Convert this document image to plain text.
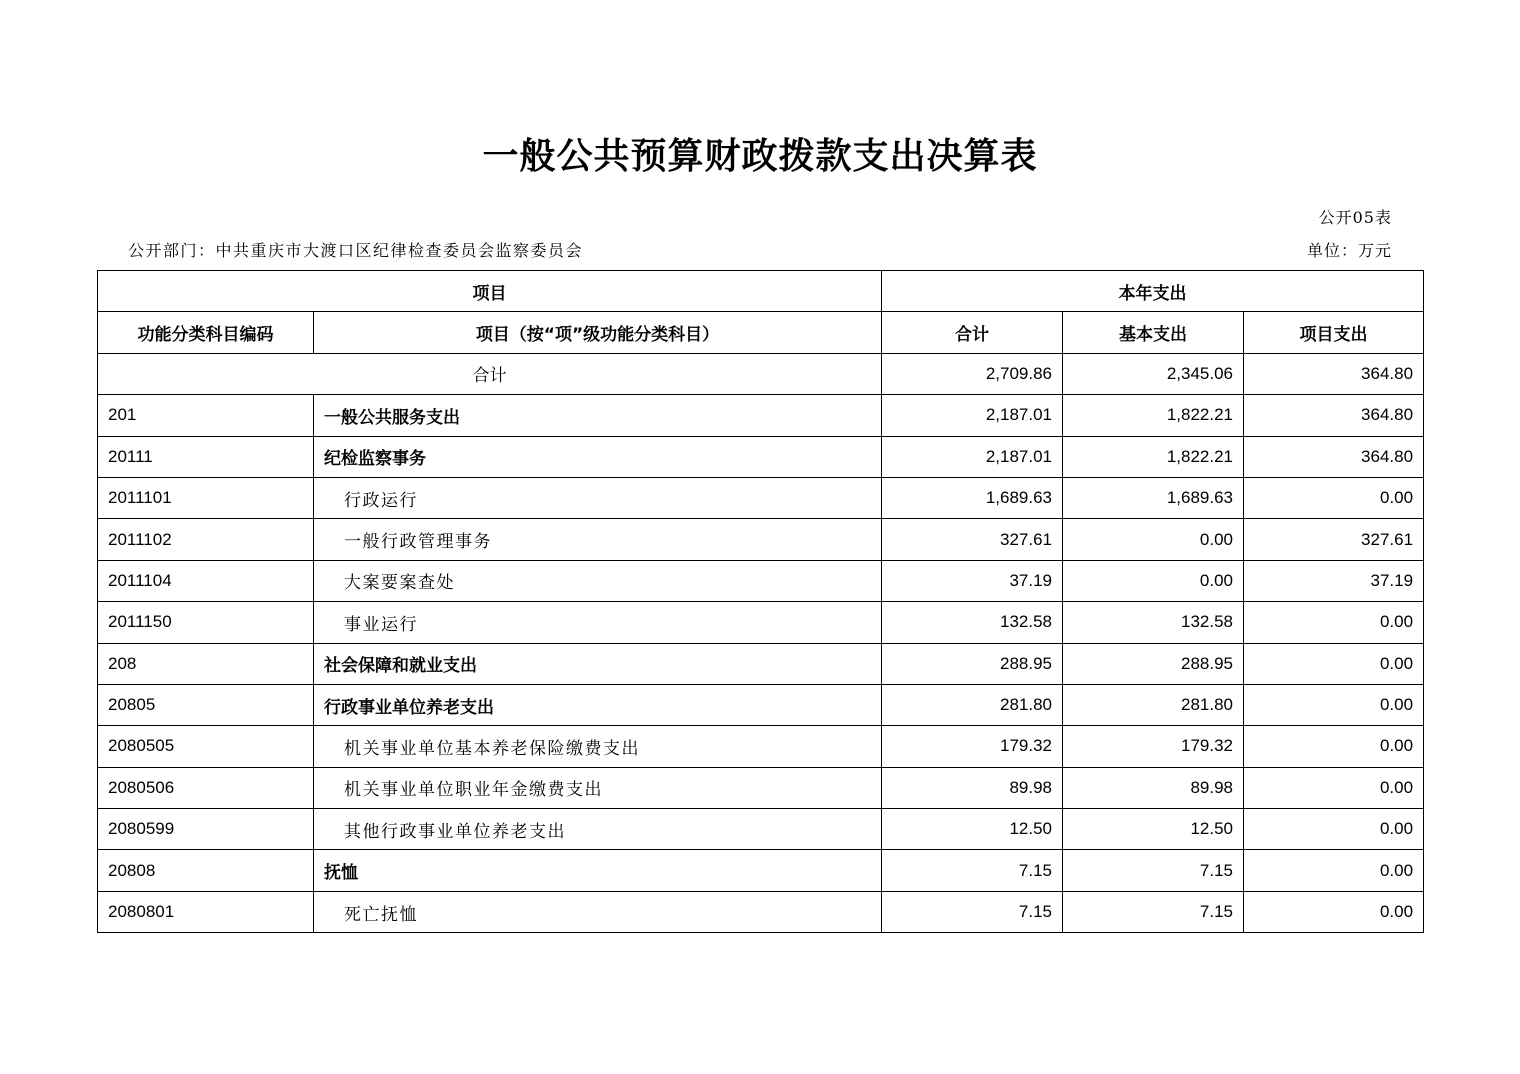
一般公共预算财政拨款支出决算表
公开05表
公开部门：中共重庆市大渡口区纪律检查委员会监察委员会	单位：万元
项目		本年支出		
功能分类科目编码	项目（按“项”级功能分类科目）	合计	基本支出	项目支出
合计		2,709.86	2,345.06	364.80
201	一般公共服务支出	2,187.01	1,822.21	364.80
20111	纪检监察事务	2,187.01	1,822.21	364.80
2011101	行政运行	1,689.63	1,689.63	0.00
2011102	一般行政管理事务	327.61	0.00	327.61
2011104	大案要案查处	37.19	0.00	37.19
2011150	事业运行	132.58	132.58	0.00
208	社会保障和就业支出	288.95	288.95	0.00
20805	行政事业单位养老支出	281.80	281.80	0.00
2080505	机关事业单位基本养老保险缴费支出	179.32	179.32	0.00
2080506	机关事业单位职业年金缴费支出	89.98	89.98	0.00
2080599	其他行政事业单位养老支出	12.50	12.50	0.00
20808	抚恤	7.15	7.15	0.00
2080801	死亡抚恤	7.15	7.15	0.00
